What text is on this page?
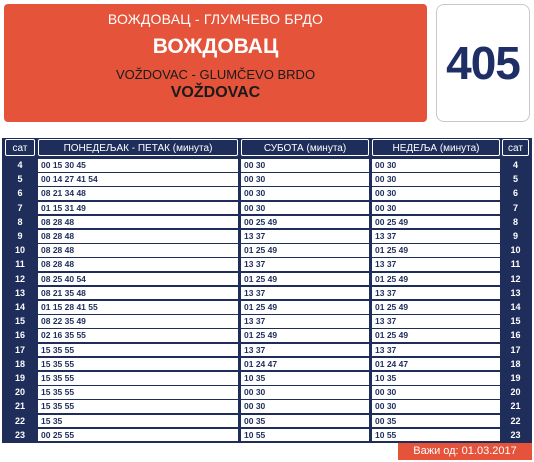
ВОЖДОВАЦ - ГЛУМЧЕВО БРДО
ВОЖДОВАЦ
VOŽDOVAC - GLUMČEVO BRDO
VOŽDOVAC
405
сат	ПОНЕДЕЉАК - ПЕТАК (минута)	СУБОТА (минута)	НЕДЕЉА (минута)	сат
4	00 15 30 45	00 30	00 30	4
5	00 14 27 41 54	00 30	00 30	5
6	08 21 34 48	00 30	00 30	6
7	01 15 31 49	00 30	00 30	7
8	08 28 48	00 25 49	00 25 49	8
9	08 28 48	13 37	13 37	9
10	08 28 48	01 25 49	01 25 49	10
11	08 28 48	13 37	13 37	11
12	08 25 40 54	01 25 49	01 25 49	12
13	08 21 35 48	13 37	13 37	13
14	01 15 28 41 55	01 25 49	01 25 49	14
15	08 22 35 49	13 37	13 37	15
16	02 16 35 55	01 25 49	01 25 49	16
17	15 35 55	13 37	13 37	17
18	15 35 55	01 24 47	01 24 47	18
19	15 35 55	10 35	10 35	19
20	15 35 55	00 30	00 30	20
21	15 35 55	00 30	00 30	21
22	15 35	00 35	00 35	22
23	00 25 55	10 55	10 55	23
Важи од: 01.03.2017
